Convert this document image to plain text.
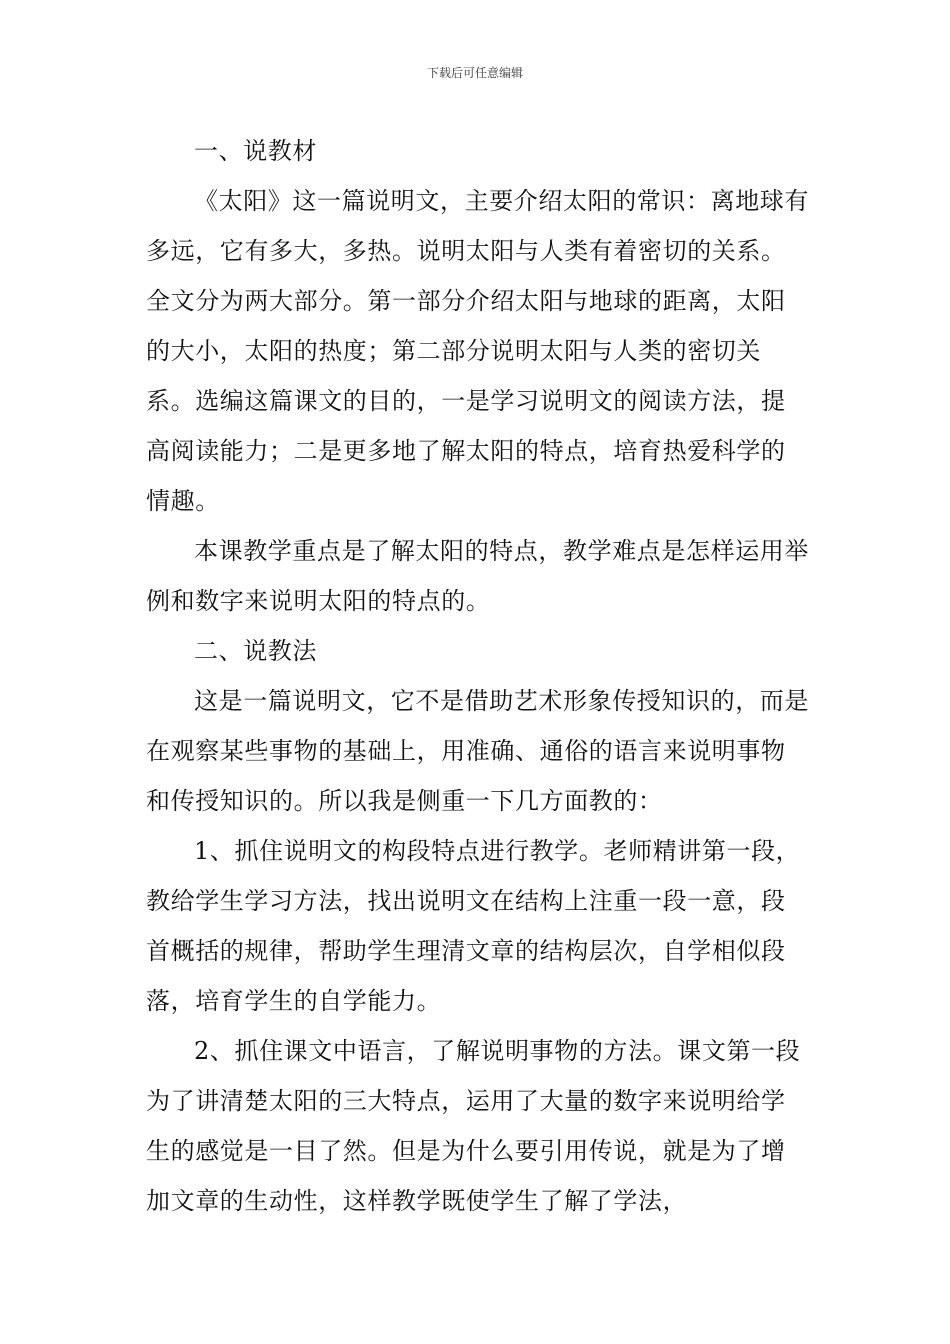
下载后可任意编辑

一、说教材

《太阳》这一篇说明文，主要介绍太阳的常识：离地球有多远，它有多大，多热。说明太阳与人类有着密切的关系。全文分为两大部分。第一部分介绍太阳与地球的距离，太阳的大小，太阳的热度；第二部分说明太阳与人类的密切关系。选编这篇课文的目的，一是学习说明文的阅读方法，提高阅读能力；二是更多地了解太阳的特点，培育热爱科学的情趣。

本课教学重点是了解太阳的特点，教学难点是怎样运用举例和数字来说明太阳的特点的。

二、说教法

这是一篇说明文，它不是借助艺术形象传授知识的，而是在观察某些事物的基础上，用准确、通俗的语言来说明事物和传授知识的。所以我是侧重一下几方面教的：

1、抓住说明文的构段特点进行教学。老师精讲第一段，教给学生学习方法，找出说明文在结构上注重一段一意，段首概括的规律，帮助学生理清文章的结构层次，自学相似段落，培育学生的自学能力。

2、抓住课文中语言，了解说明事物的方法。课文第一段为了讲清楚太阳的三大特点，运用了大量的数字来说明给学生的感觉是一目了然。但是为什么要引用传说，就是为了增加文章的生动性，这样教学既使学生了解了学法，
